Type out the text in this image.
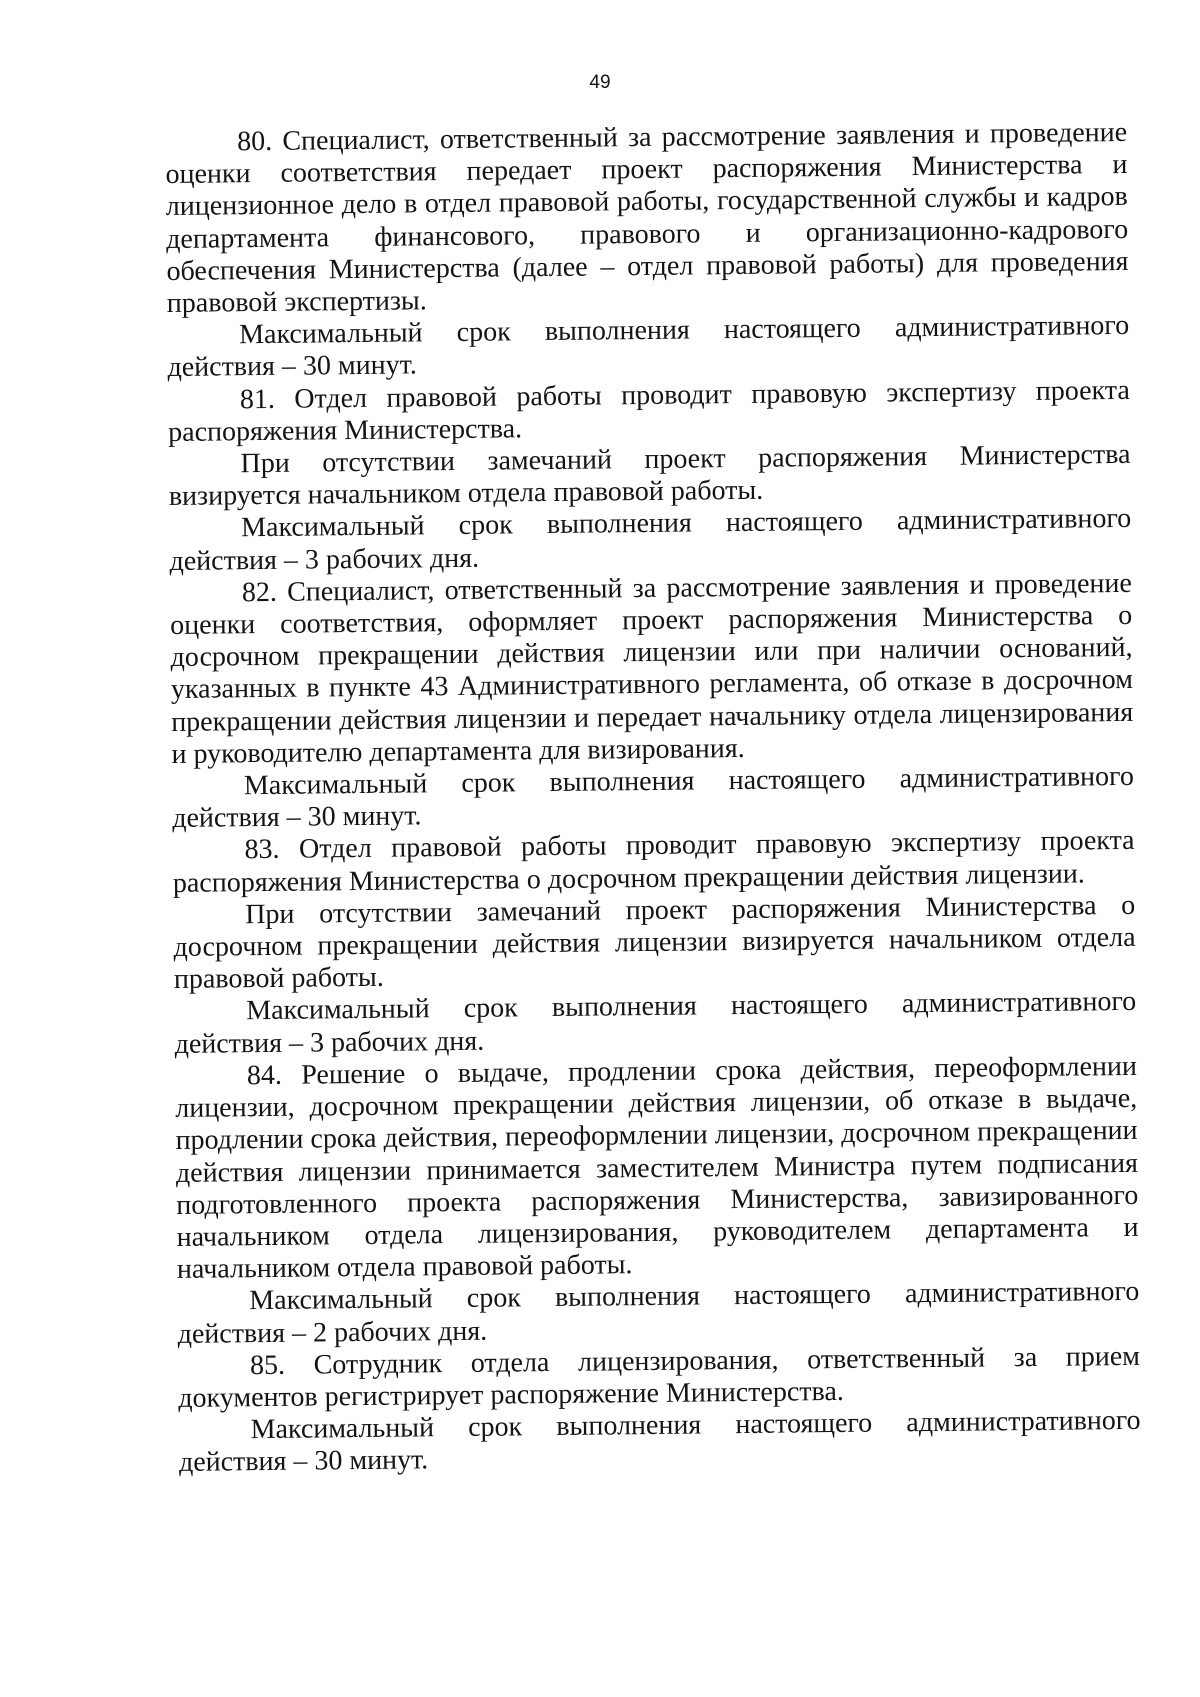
49

80. Специалист, ответственный за рассмотрение заявления и проведение оценки соответствия передает проект распоряжения Министерства и лицензионное дело в отдел правовой работы, государственной службы и кадров департамента финансового, правового и организационно-кадрового обеспечения Министерства (далее – отдел правовой работы) для проведения правовой экспертизы.

Максимальный срок выполнения настоящего административного действия – 30 минут.

81. Отдел правовой работы проводит правовую экспертизу проекта распоряжения Министерства.

При отсутствии замечаний проект распоряжения Министерства визируется начальником отдела правовой работы.

Максимальный срок выполнения настоящего административного действия – 3 рабочих дня.

82. Специалист, ответственный за рассмотрение заявления и проведение оценки соответствия, оформляет проект распоряжения Министерства о досрочном прекращении действия лицензии или при наличии оснований, указанных в пункте 43 Административного регламента, об отказе в досрочном прекращении действия лицензии и передает начальнику отдела лицензирования и руководителю департамента для визирования.

Максимальный срок выполнения настоящего административного действия – 30 минут.

83. Отдел правовой работы проводит правовую экспертизу проекта распоряжения Министерства о досрочном прекращении действия лицензии.

При отсутствии замечаний проект распоряжения Министерства о досрочном прекращении действия лицензии визируется начальником отдела правовой работы.

Максимальный срок выполнения настоящего административного действия – 3 рабочих дня.

84. Решение о выдаче, продлении срока действия, переоформлении лицензии, досрочном прекращении действия лицензии, об отказе в выдаче, продлении срока действия, переоформлении лицензии, досрочном прекращении действия лицензии принимается заместителем Министра путем подписания подготовленного проекта распоряжения Министерства, завизированного начальником отдела лицензирования, руководителем департамента и начальником отдела правовой работы.

Максимальный срок выполнения настоящего административного действия – 2 рабочих дня.

85. Сотрудник отдела лицензирования, ответственный за прием документов регистрирует распоряжение Министерства.

Максимальный срок выполнения настоящего административного действия – 30 минут.
